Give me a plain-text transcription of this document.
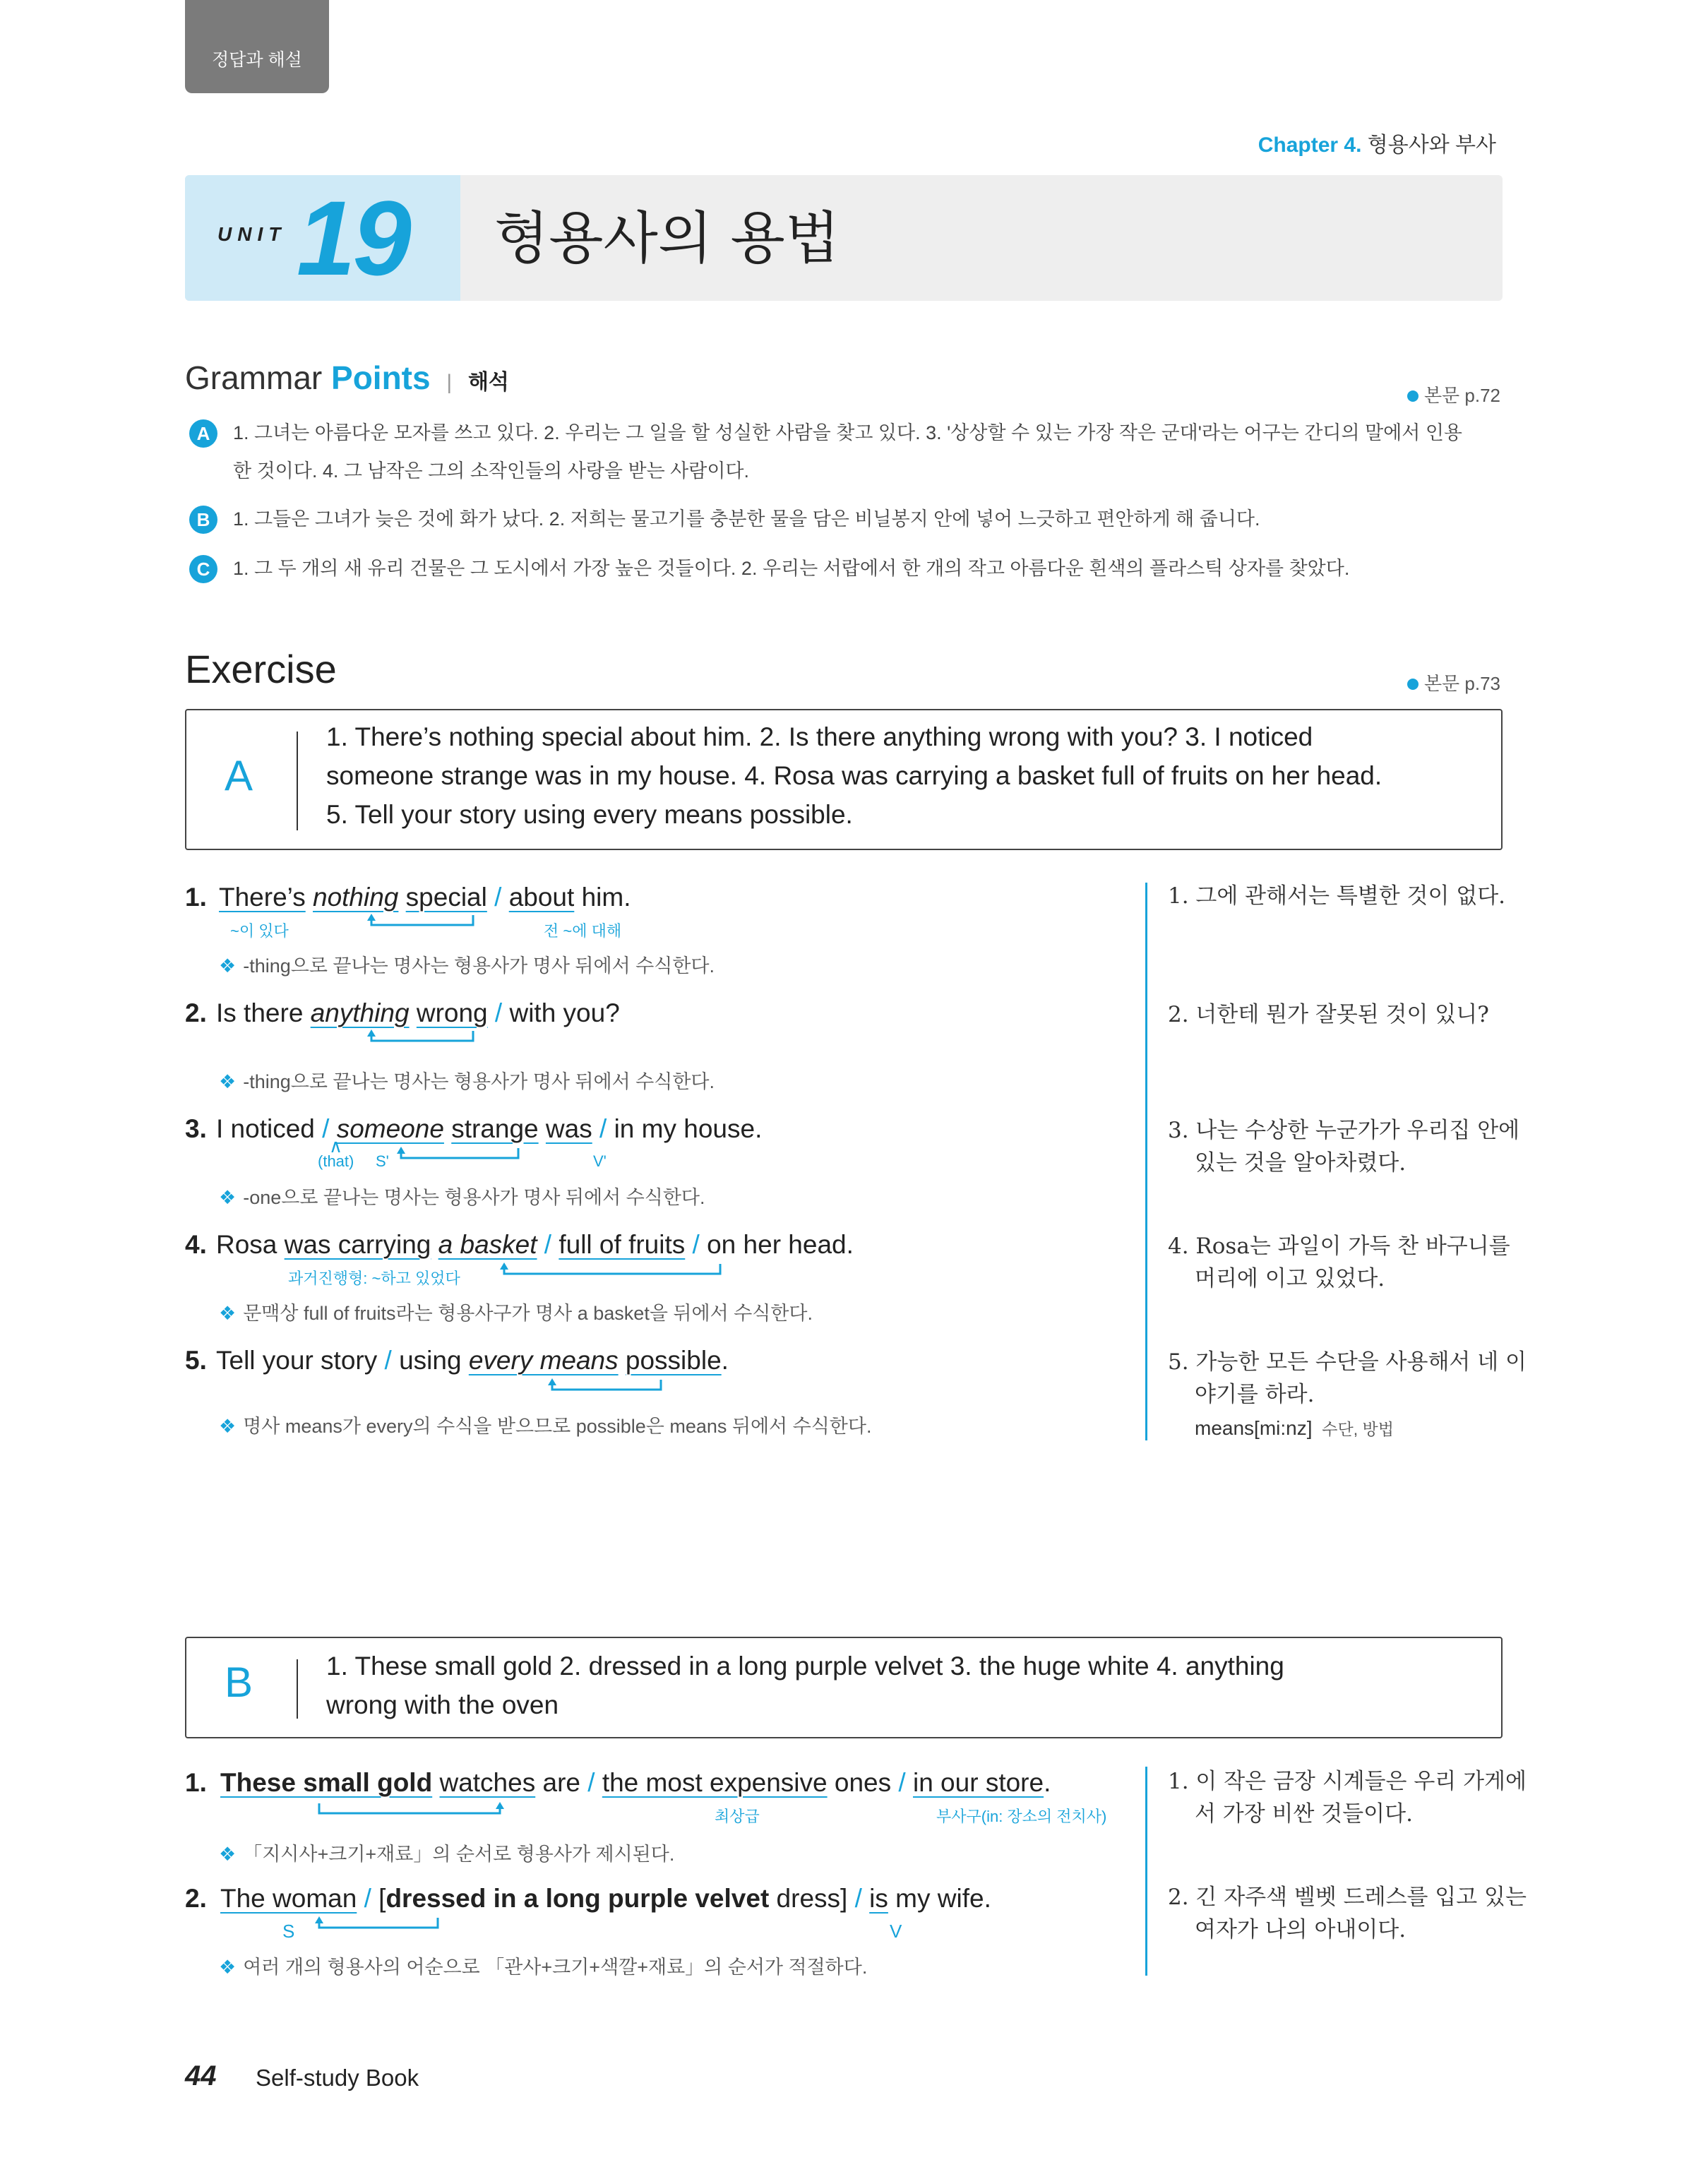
정답과 해설
Chapter 4. 형용사와 부사
UNIT 19 형용사의 용법
Grammar Points | 해석
본문 p.72
A	1. 그녀는 아름다운 모자를 쓰고 있다. 2. 우리는 그 일을 할 성실한 사람을 찾고 있다. 3. '상상할 수 있는 가장 작은 군대'라는 어구는 간디의 말에서 인용
한 것이다. 4. 그 남작은 그의 소작인들의 사랑을 받는 사람이다.
B	1. 그들은 그녀가 늦은 것에 화가 났다. 2. 저희는 물고기를 충분한 물을 담은 비닐봉지 안에 넣어 느긋하고 편안하게 해 줍니다.
C	1. 그 두 개의 새 유리 건물은 그 도시에서 가장 높은 것들이다. 2. 우리는 서랍에서 한 개의 작고 아름다운 흰색의 플라스틱 상자를 찾았다.
Exercise	본문 p.73
A
1. There’s nothing special about him. 2. Is there anything wrong with you? 3. I noticed
someone strange was in my house. 4. Rosa was carrying a basket full of fruits on her head.
5. Tell your story using every means possible.
1. There’s nothing special / about him.
~이 있다	전 ~에 대해
❖ -thing으로 끝나는 명사는 형용사가 명사 뒤에서 수식한다.
1. 그에 관해서는 특별한 것이 없다.
2. Is there anything wrong / with you?
❖ -thing으로 끝나는 명사는 형용사가 명사 뒤에서 수식한다.
2. 너한테 뭔가 잘못된 것이 있니?
3. I noticed / someone strange was / in my house.
∧
(that) S'	V'
❖ -one으로 끝나는 명사는 형용사가 명사 뒤에서 수식한다.
3. 나는 수상한 누군가가 우리집 안에
있는 것을 알아차렸다.
4. Rosa was carrying a basket / full of fruits / on her head.
과거진행형: ~하고 있었다
❖ 문맥상 full of fruits라는 형용사구가 명사 a basket을 뒤에서 수식한다.
4. Rosa는 과일이 가득 찬 바구니를
머리에 이고 있었다.
5. Tell your story / using every means possible.
❖ 명사 means가 every의 수식을 받으므로 possible은 means 뒤에서 수식한다.
5. 가능한 모든 수단을 사용해서 네 이
야기를 하라.
means[mi:nz] 수단, 방법
B	1. These small gold 2. dressed in a long purple velvet 3. the huge white 4. anything
wrong with the oven
1. These small gold watches are / the most expensive ones / in our store.
최상급	부사구(in: 장소의 전치사)
❖ 「지시사+크기+재료」의 순서로 형용사가 제시된다.
1. 이 작은 금장 시계들은 우리 가게에
서 가장 비싼 것들이다.
2. The woman / [dressed in a long purple velvet dress] / is my wife.
S	V
❖ 여러 개의 형용사의 어순으로 「관사+크기+색깔+재료」의 순서가 적절하다.
2. 긴 자주색 벨벳 드레스를 입고 있는
여자가 나의 아내이다.
44 Self-study Book
